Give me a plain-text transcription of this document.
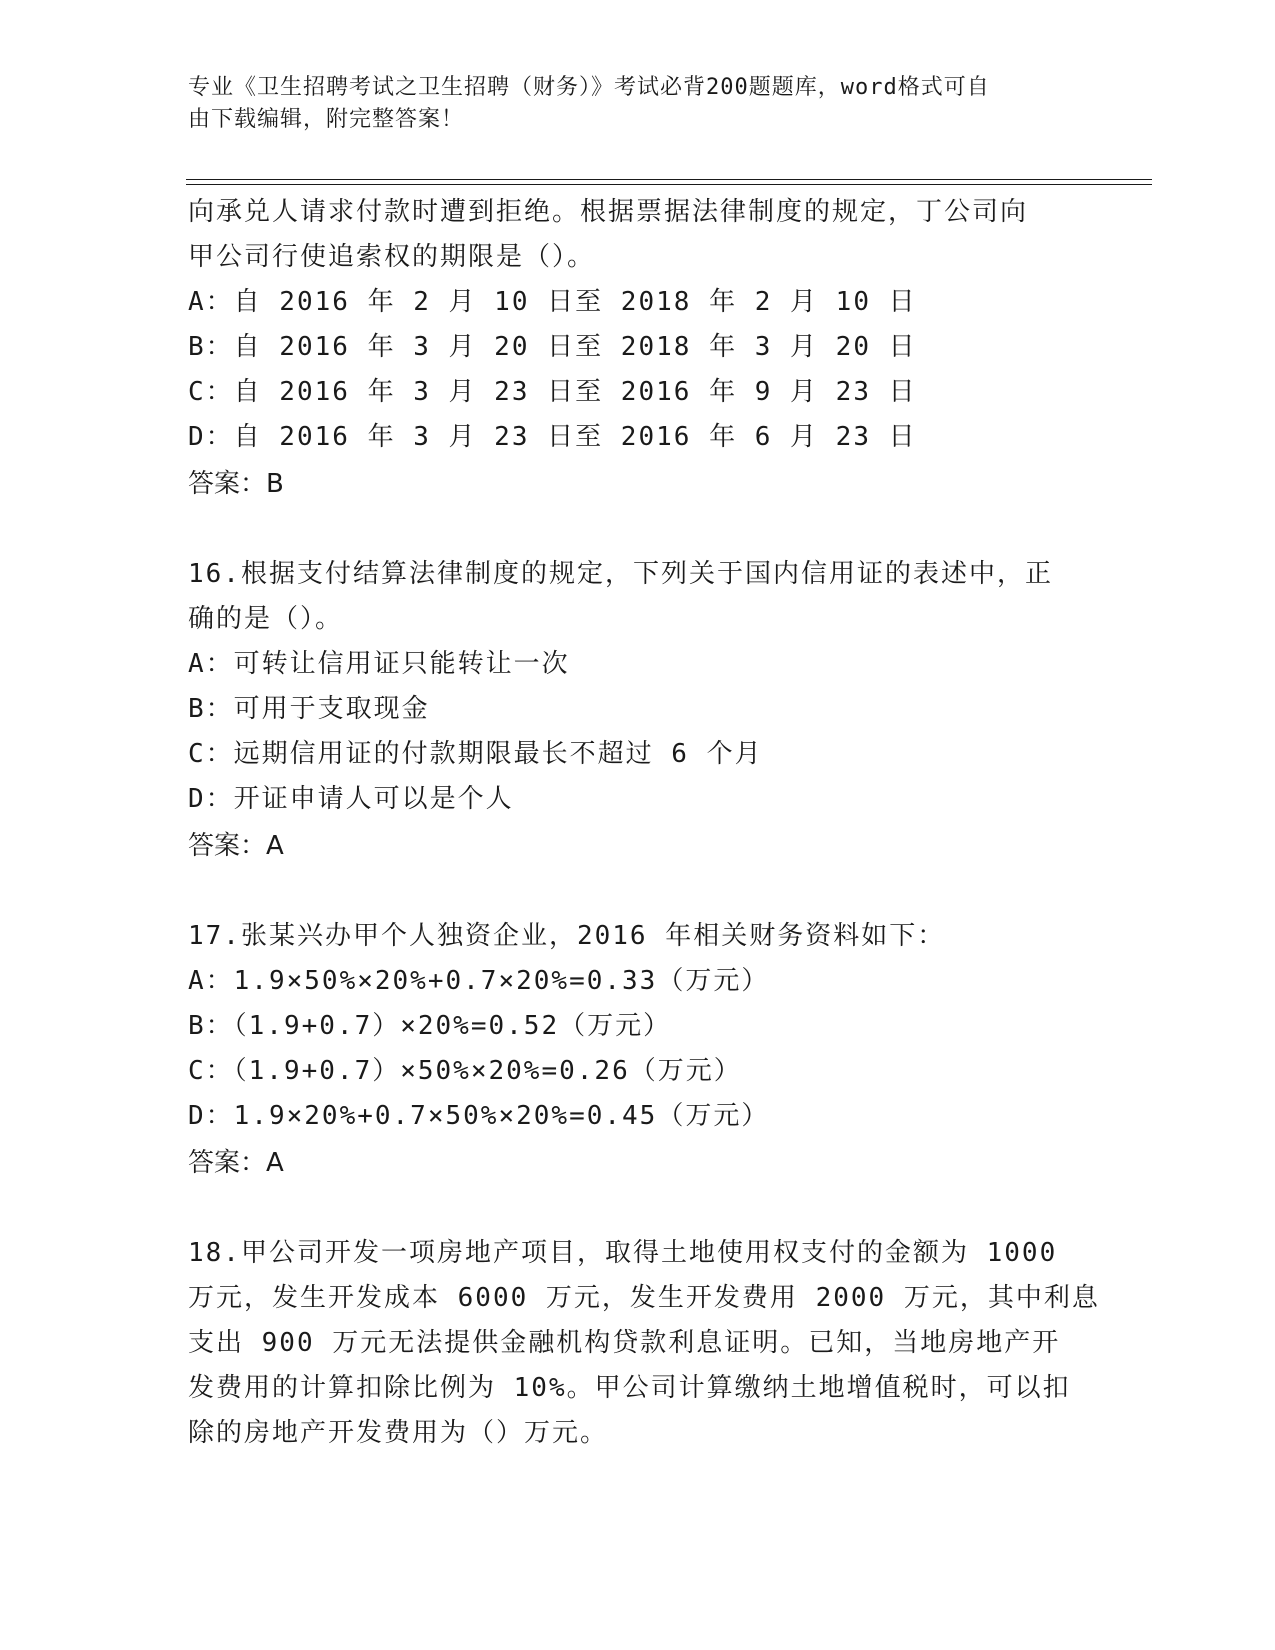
专业《卫生招聘考试之卫生招聘（财务）》考试必背200题题库，word格式可自
由下载编辑，附完整答案！
向承兑人请求付款时遭到拒绝。根据票据法律制度的规定，丁公司向
甲公司行使追索权的期限是（）。
A：自 2016 年 2 月 10 日至 2018 年 2 月 10 日
B：自 2016 年 3 月 20 日至 2018 年 3 月 20 日
C：自 2016 年 3 月 23 日至 2016 年 9 月 23 日
D：自 2016 年 3 月 23 日至 2016 年 6 月 23 日
答案：B
16.根据支付结算法律制度的规定，下列关于国内信用证的表述中，正
确的是（）。
A：可转让信用证只能转让一次
B：可用于支取现金
C：远期信用证的付款期限最长不超过 6 个月
D：开证申请人可以是个人
答案：A
17.张某兴办甲个人独资企业，2016 年相关财务资料如下：
A：1.9×50%×20%+0.7×20%=0.33（万元）
B：（1.9+0.7）×20%=0.52（万元）
C：（1.9+0.7）×50%×20%=0.26（万元）
D：1.9×20%+0.7×50%×20%=0.45（万元）
答案：A
18.甲公司开发一项房地产项目，取得土地使用权支付的金额为 1000
万元，发生开发成本 6000 万元，发生开发费用 2000 万元，其中利息
支出 900 万元无法提供金融机构贷款利息证明。已知，当地房地产开
发费用的计算扣除比例为 10%。甲公司计算缴纳土地增值税时，可以扣
除的房地产开发费用为（）万元。
